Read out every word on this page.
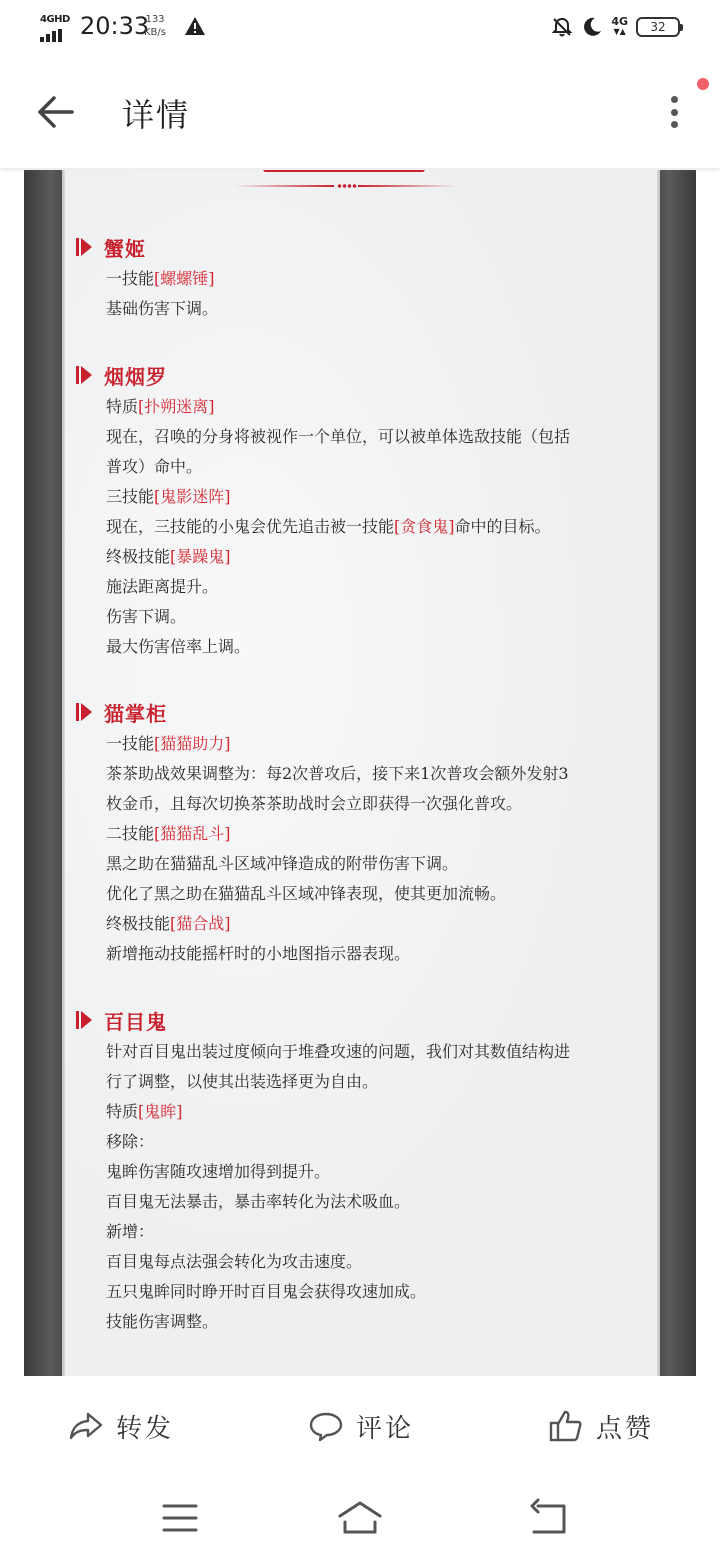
4GHD 20:33
133
KB/s
4G
▼▲	32
详情
蟹姬
一技能[螺螺锤]
基础伤害下调。
烟烟罗
特质[扑朔迷离]
现在，召唤的分身将被视作一个单位，可以被单体选敌技能（包括
普攻）命中。
三技能[鬼影迷阵]
现在，三技能的小鬼会优先追击被一技能[贪食鬼]命中的目标。
终极技能[暴躁鬼]
施法距离提升。
伤害下调。
最大伤害倍率上调。
猫掌柜
一技能[猫猫助力]
茶茶助战效果调整为：每2次普攻后，接下来1次普攻会额外发射3
枚金币，且每次切换茶茶助战时会立即获得一次强化普攻。
二技能[猫猫乱斗]
黑之助在猫猫乱斗区域冲锋造成的附带伤害下调。
优化了黑之助在猫猫乱斗区域冲锋表现，使其更加流畅。
终极技能[猫合战]
新增拖动技能摇杆时的小地图指示器表现。
百目鬼
针对百目鬼出装过度倾向于堆叠攻速的问题，我们对其数值结构进
行了调整，以使其出装选择更为自由。
特质[鬼眸]
移除：
鬼眸伤害随攻速增加得到提升。
百目鬼无法暴击，暴击率转化为法术吸血。
新增：
百目鬼每点法强会转化为攻击速度。
五只鬼眸同时睁开时百目鬼会获得攻速加成。
技能伤害调整。
转发	评论	点赞
